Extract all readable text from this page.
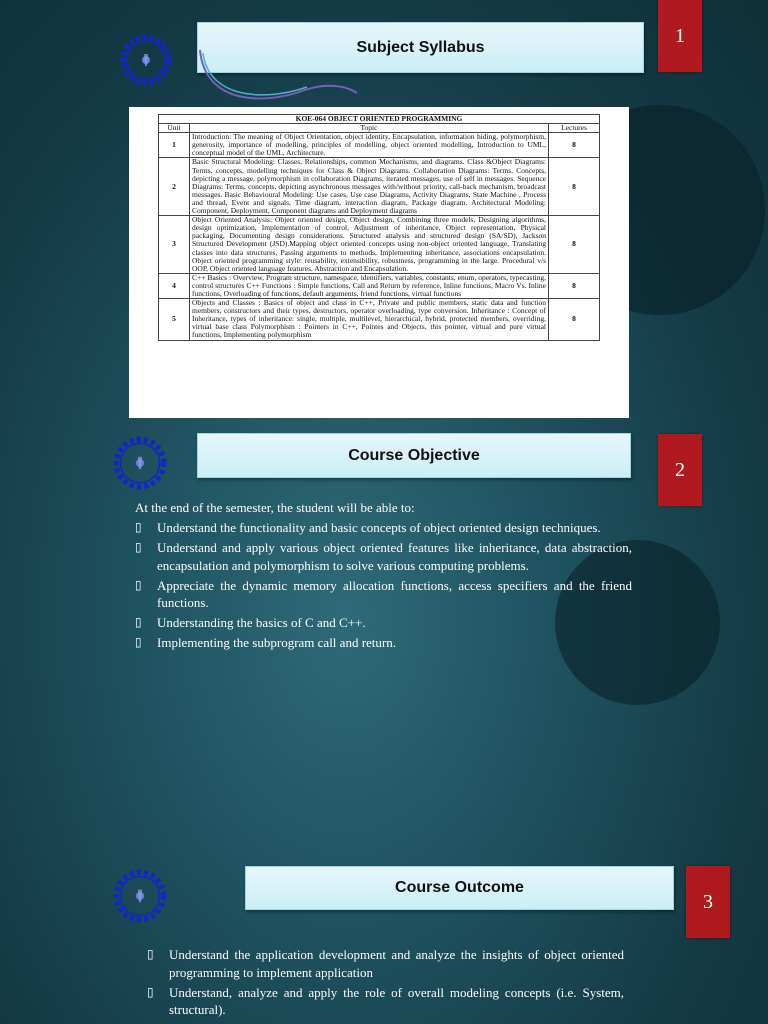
1
Subject Syllabus
KOE-064 OBJECT ORIENTED PROGRAMMING		
Unit	Topic	Lectures
1	Introduction: The meaning of Object Orientation, object identity, Encapsulation, information hiding, polymorphism, generosity, importance of modelling, principles of modelling, object oriented modelling, Introduction to UML, conceptual model of the UML, Architecture.	8
2	Basic Structural Modeling: Classes, Relationships, common Mechanisms, and diagrams. Class &Object Diagrams: Terms, concepts, modelling techniques for Class & Object Diagrams. Collaboration Diagrams: Terms, Concepts, depicting a message, polymorphism in collaboration Diagrams, iterated messages, use of self in messages. Sequence Diagrams: Terms, concepts, depicting asynchronous messages with/without priority, call-back mechanism, broadcast messages. Basic Behavioural Modeling: Use cases, Use case Diagrams, Activity Diagrams, State Machine , Process and thread, Event and signals, Time diagram, interaction diagram, Package diagram. Architectural Modeling: Component, Deployment, Component diagrams and Deployment diagrams	8
3	Object Oriented Analysis: Object oriented design, Object design, Combining three models, Designing algorithms, design optimization, Implementation of control, Adjustment of inheritance, Object representation, Physical packaging, Documenting design considerations. Structured analysis and structured design (SA/SD), Jackson Structured Development (JSD).Mapping object oriented concepts using non-object oriented language, Translating classes into data structures, Passing arguments to methods, Implementing inheritance, associations encapsulation. Object oriented programming style: reusability, extensibility, robustness, programming in the large. Procedural v/s OOP, Object oriented language features. Abstraction and Encapsulation.	8
4	C++ Basics : Overview, Program structure, namespace, identifiers, variables, constants, enum, operators, typecasting, control structures C++ Functions : Simple functions, Call and Return by reference, Inline functions, Macro Vs. Inline functions, Overloading of functions, default arguments, friend functions, virtual functions	8
5	Objects and Classes : Basics of object and class in C++, Private and public members, static data and function members, constructors and their types, destructors, operator overloading, type conversion. Inheritance : Concept of Inheritance, types of inheritance: single, multiple, multilevel, hierarchical, hybrid, protected members, overriding, virtual base class Polymorphism : Pointers in C++, Pointes and Objects, this pointer, virtual and pure virtual functions, Implementing polymorphism	8
2
Course Objective
At the end of the semester, the student will be able to:
▯ Understand the functionality and basic concepts of object oriented design techniques.
▯ Understand and apply various object oriented features like inheritance, data abstraction, encapsulation and polymorphism to solve various computing problems.
▯ Appreciate the dynamic memory allocation functions, access specifiers and the friend functions.
▯ Understanding the basics of C and C++.
▯ Implementing the subprogram call and return.
3
Course Outcome
▯ Understand the application development and analyze the insights of object oriented programming to implement application
▯ Understand, analyze and apply the role of overall modeling concepts (i.e. System, structural).
